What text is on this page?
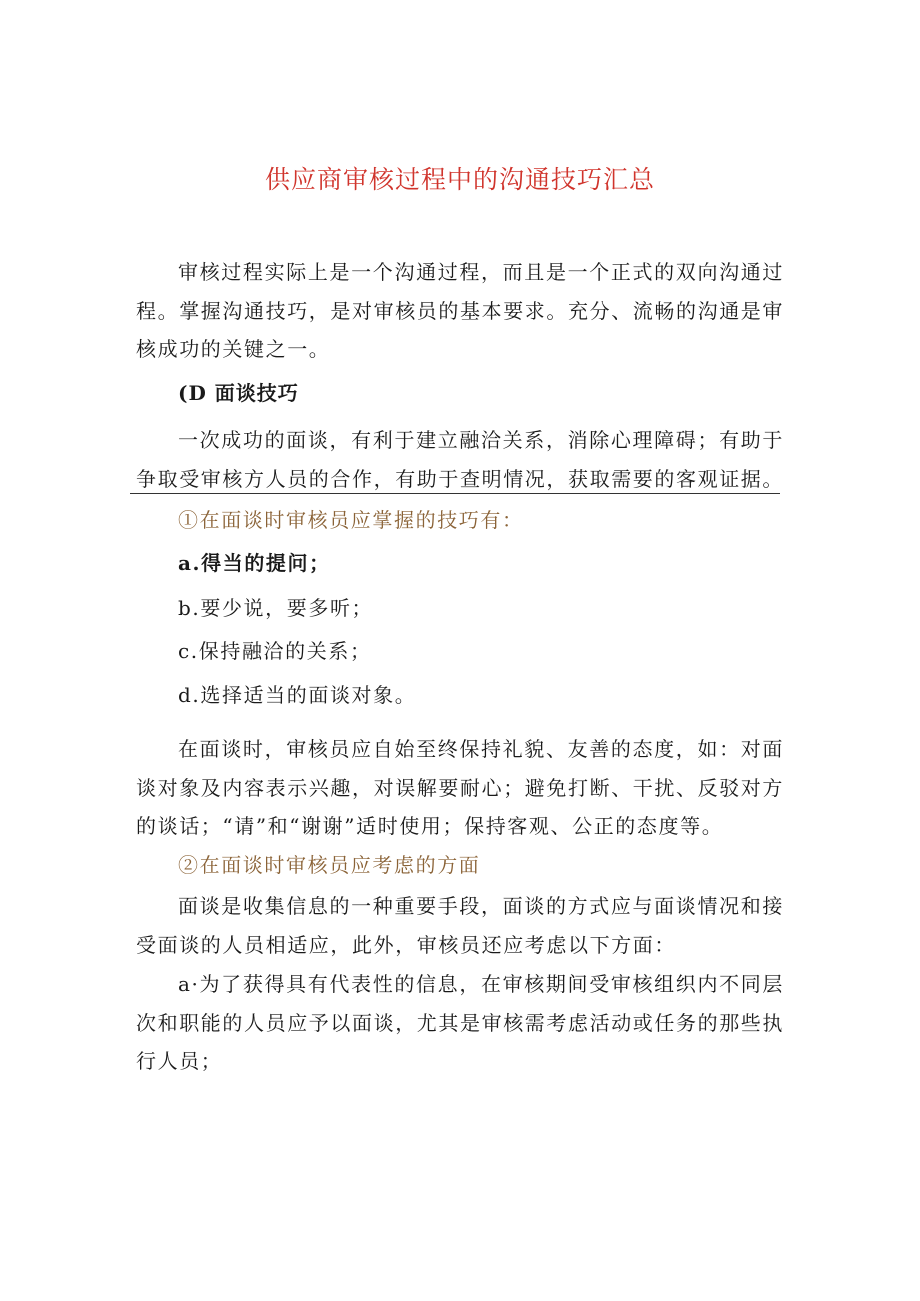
供应商审核过程中的沟通技巧汇总
审核过程实际上是一个沟通过程，而且是一个正式的双向沟通过程。掌握沟通技巧，是对审核员的基本要求。充分、流畅的沟通是审核成功的关键之一。
(D 面谈技巧
一次成功的面谈，有利于建立融洽关系，消除心理障碍；有助于争取受审核方人员的合作，有助于查明情况，获取需要的客观证据。
①在面谈时审核员应掌握的技巧有：
a.得当的提问；
b.要少说，要多听；
c.保持融洽的关系；
d.选择适当的面谈对象。
在面谈时，审核员应自始至终保持礼貌、友善的态度，如：对面谈对象及内容表示兴趣，对误解要耐心；避免打断、干扰、反驳对方的谈话；“请”和“谢谢”适时使用；保持客观、公正的态度等。
②在面谈时审核员应考虑的方面
面谈是收集信息的一种重要手段，面谈的方式应与面谈情况和接受面谈的人员相适应，此外，审核员还应考虑以下方面：
a·为了获得具有代表性的信息，在审核期间受审核组织内不同层次和职能的人员应予以面谈，尤其是审核需考虑活动或任务的那些执行人员；
